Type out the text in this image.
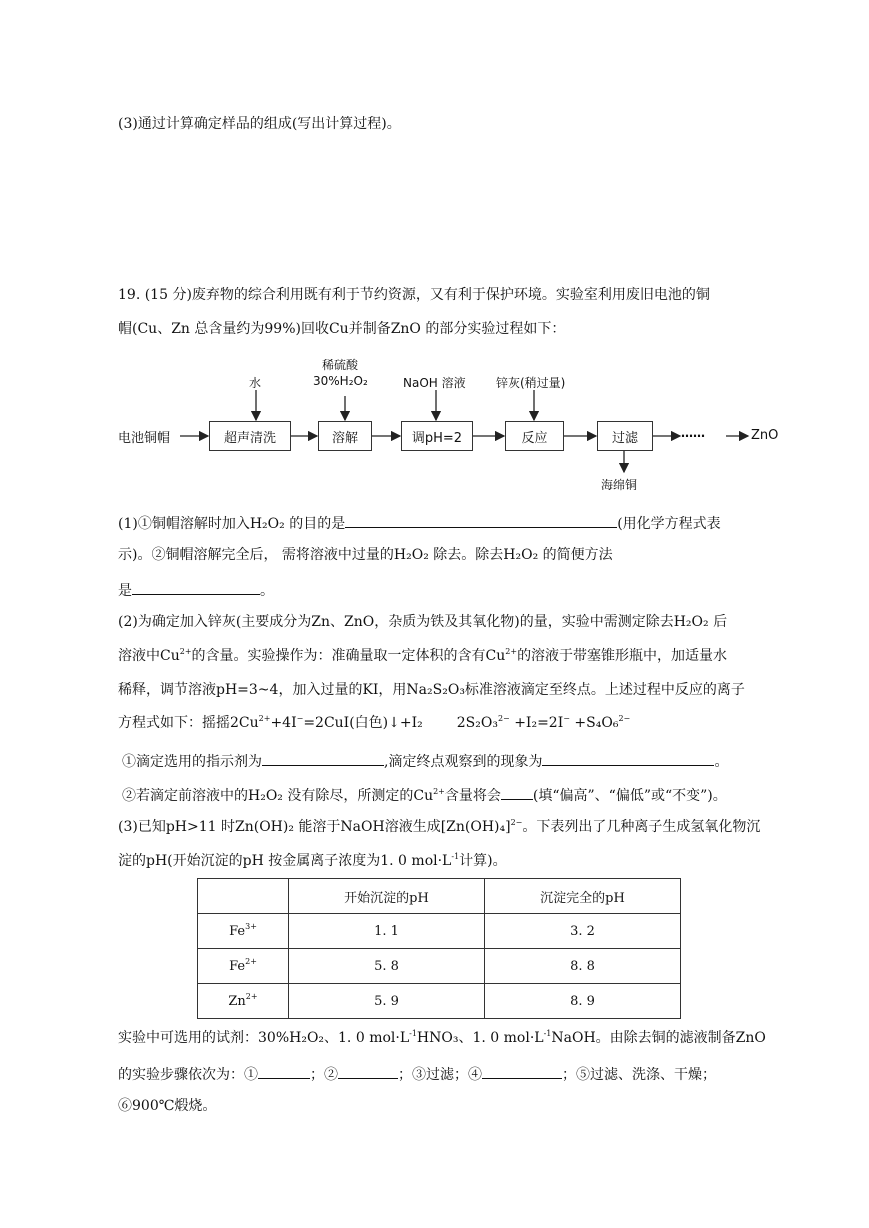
(3)通过计算确定样品的组成(写出计算过程)。
19. (15 分)废弃物的综合利用既有利于节约资源，又有利于保护环境。实验室利用废旧电池的铜
帽(Cu、Zn 总含量约为99%)回收Cu并制备ZnO 的部分实验过程如下：
电池铜帽	超声清洗	溶解	调pH=2	反应	过滤
水
稀硫酸
30%H₂O₂	NaOH 溶液	锌灰(稍过量)
……	ZnO
海绵铜
(1)①铜帽溶解时加入H₂O₂ 的目的是	(用化学方程式表
示)。②铜帽溶解完全后， 需将溶液中过量的H₂O₂ 除去。除去H₂O₂ 的简便方法
是	。
(2)为确定加入锌灰(主要成分为Zn、ZnO，杂质为铁及其氧化物)的量，实验中需测定除去H₂O₂ 后
溶液中$Cu^{2+}$的含量。实验操作为：准确量取一定体积的含有$Cu^{2+}$的溶液于带塞锥形瓶中，加适量水
稀释，调节溶液pH=3~4，加入过量的KI，用Na₂S₂O₃标准溶液滴定至终点。上述过程中反应的离子
方程式如下：摇摇$2Cu^{2+}+4I^-=2CuI$(白色)↓+I₂ 2S₂O₃$^{2-}$ +I₂=2I− +S₄O₆$^{2-}$
①滴定选用的指示剂为	,滴定终点观察到的现象为	。
②若滴定前溶液中的H₂O₂ 没有除尽，所测定的$Cu^{2+}$含量将会 (填“偏高”、“偏低”或“不变”)。
(3)已知pH>11 时Zn(OH)₂ 能溶于NaOH溶液生成$[Zn(OH)_4]^{2-}$。下表列出了几种离子生成氢氧化物沉
淀的pH(开始沉淀的pH 按金属离子浓度为1. 0 $mol\cdot L^{-1}$计算)。
	开始沉淀的pH	沉淀完全的pH
$Fe^{3+}$	1. 1	3. 2
$Fe^{2+}$	5. 8	8. 8
$Zn^{2+}$	5. 9	8. 9
实验中可选用的试剂：30%H₂O₂、1. 0 $mol\cdot L^{-1}HNO_3$、1. 0 $mol\cdot L^{-1}NaOH$。由除去铜的滤液制备ZnO
的实验步骤依次为：①	；②	；③过滤；④	；⑤过滤、洗涤、干燥；
⑥900℃煅烧。
